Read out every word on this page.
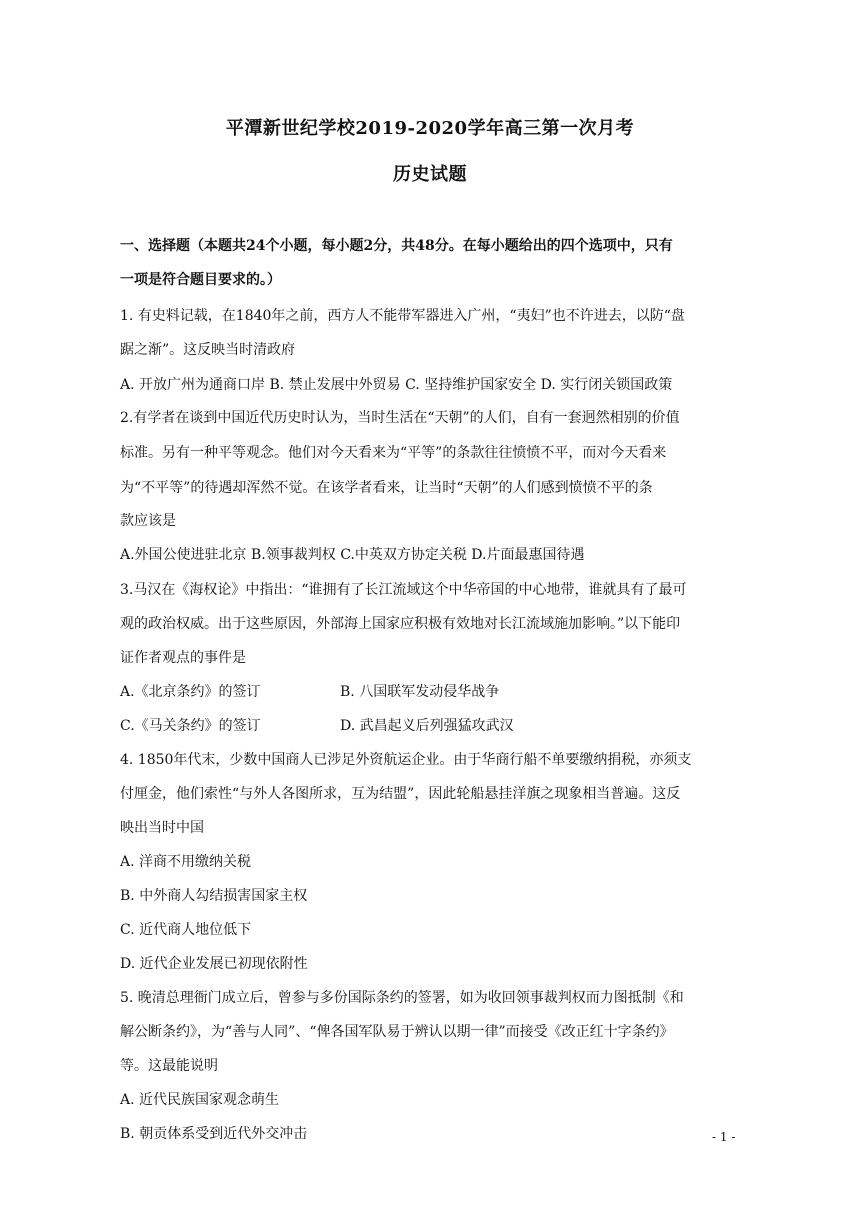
平潭新世纪学校2019-2020学年高三第一次月考
历史试题
一、选择题（本题共24个小题，每小题2分，共48分。在每小题给出的四个选项中，只有
一项是符合题目要求的。）
1. 有史料记载，在1840年之前，西方人不能带军器进入广州，“夷妇”也不许进去，以防“盘
踞之渐”。这反映当时清政府
A. 开放广州为通商口岸 B. 禁止发展中外贸易 C. 坚持维护国家安全 D. 实行闭关锁国政策
2.有学者在谈到中国近代历史时认为，当时生活在“天朝”的人们，自有一套迥然相别的价值
标准。另有一种平等观念。他们对今天看来为“平等”的条款往往愤愤不平，而对今天看来
为“不平等”的待遇却浑然不觉。在该学者看来，让当时“天朝”的人们感到愤愤不平的条
款应该是
A.外国公使进驻北京 B.领事裁判权 C.中英双方协定关税 D.片面最惠国待遇
3.马汉在《海权论》中指出：“谁拥有了长江流域这个中华帝国的中心地带，谁就具有了最可
观的政治权威。出于这些原因，外部海上国家应积极有效地对长江流域施加影响。”以下能印
证作者观点的事件是
A.《北京条约》的签订	B. 八国联军发动侵华战争
C.《马关条约》的签订	D. 武昌起义后列强猛攻武汉
4. 1850年代末，少数中国商人已涉足外资航运企业。由于华商行船不单要缴纳捐税，亦须支
付厘金，他们索性“与外人各图所求，互为结盟”，因此轮船悬挂洋旗之现象相当普遍。这反
映出当时中国
A. 洋商不用缴纳关税
B. 中外商人勾结损害国家主权
C. 近代商人地位低下
D. 近代企业发展已初现依附性
5. 晚清总理衙门成立后，曾参与多份国际条约的签署，如为收回领事裁判权而力图抵制《和
解公断条约》，为“善与人同”、“俾各国军队易于辨认以期一律”而接受《改正红十字条约》
等。这最能说明
A. 近代民族国家观念萌生
B. 朝贡体系受到近代外交冲击	- 1 -
